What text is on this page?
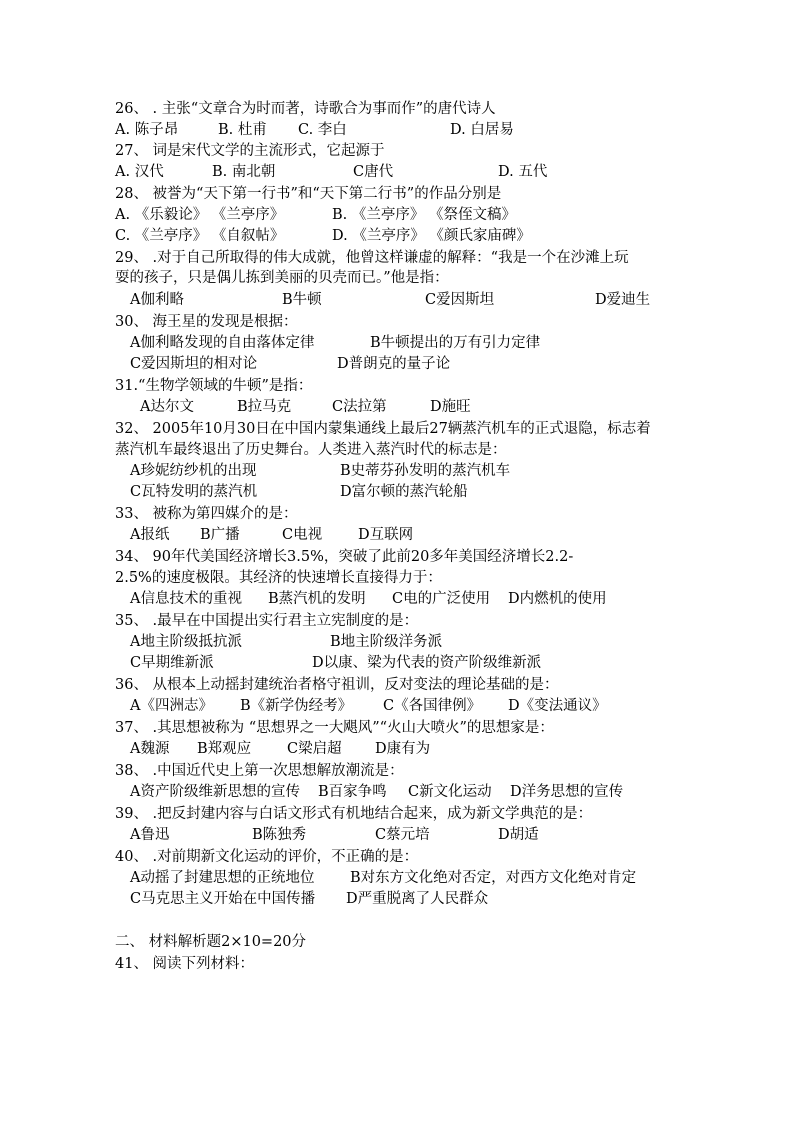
26、 . 主张“文章合为时而著，诗歌合为事而作”的唐代诗人
A. 陈子昂	B. 杜甫 C. 李白	D. 白居易
27、 词是宋代文学的主流形式，它起源于
A. 汉代	B. 南北朝	C唐代	D. 五代
28、 被誉为“天下第一行书”和“天下第二行书”的作品分别是
A. 《乐毅论》 《兰亭序》	B. 《兰亭序》 《祭侄文稿》
C. 《兰亭序》 《自叙帖》	D. 《兰亭序》 《颜氏家庙碑》
29、 .对于自己所取得的伟大成就，他曾这样谦虚的解释：“我是一个在沙滩上玩
耍的孩子，只是偶儿拣到美丽的贝壳而已。”他是指：
A伽利略	B牛顿	C爱因斯坦	D爱迪生
30、 海王星的发现是根据：
A伽利略发现的自由落体定律	B牛顿提出的万有引力定律
C爱因斯坦的相对论	D普朗克的量子论
31.“生物学领域的牛顿”是指：
A达尔文	B拉马克	C法拉第	D施旺
32、 2005年10月30日在中国内蒙集通线上最后27辆蒸汽机车的正式退隐，标志着
蒸汽机车最终退出了历史舞台。人类进入蒸汽时代的标志是：
A珍妮纺纱机的出现	B史蒂芬孙发明的蒸汽机车
C瓦特发明的蒸汽机	D富尔顿的蒸汽轮船
33、 被称为第四媒介的是：
A报纸 B广播	C电视 D互联网
34、 90年代美国经济增长3.5%，突破了此前20多年美国经济增长2.2-
2.5%的速度极限。其经济的快速增长直接得力于：
A信息技术的重视 B蒸汽机的发明 C电的广泛使用 D内燃机的使用
35、 .最早在中国提出实行君主立宪制度的是：
A地主阶级抵抗派	B地主阶级洋务派
C早期维新派	D以康、梁为代表的资产阶级维新派
36、 从根本上动摇封建统治者格守祖训，反对变法的理论基础的是：
A《四洲志》 B《新学伪经考》 C《各国律例》 D《变法通议》
37、 .其思想被称为 “思想界之一大飓风”“火山大喷火”的思想家是：
A魏源 B郑观应 C梁启超 D康有为
38、 .中国近代史上第一次思想解放潮流是：
A资产阶级维新思想的宣传 B百家争鸣 C新文化运动 D洋务思想的宣传
39、 .把反封建内容与白话文形式有机地结合起来，成为新文学典范的是：
A鲁迅	B陈独秀	C蔡元培	D胡适
40、 .对前期新文化运动的评价，不正确的是：
A动摇了封建思想的正统地位 B对东方文化绝对否定，对西方文化绝对肯定
C马克思主义开始在中国传播 D严重脱离了人民群众
二、 材料解析题2×10=20分
41、 阅读下列材料：
